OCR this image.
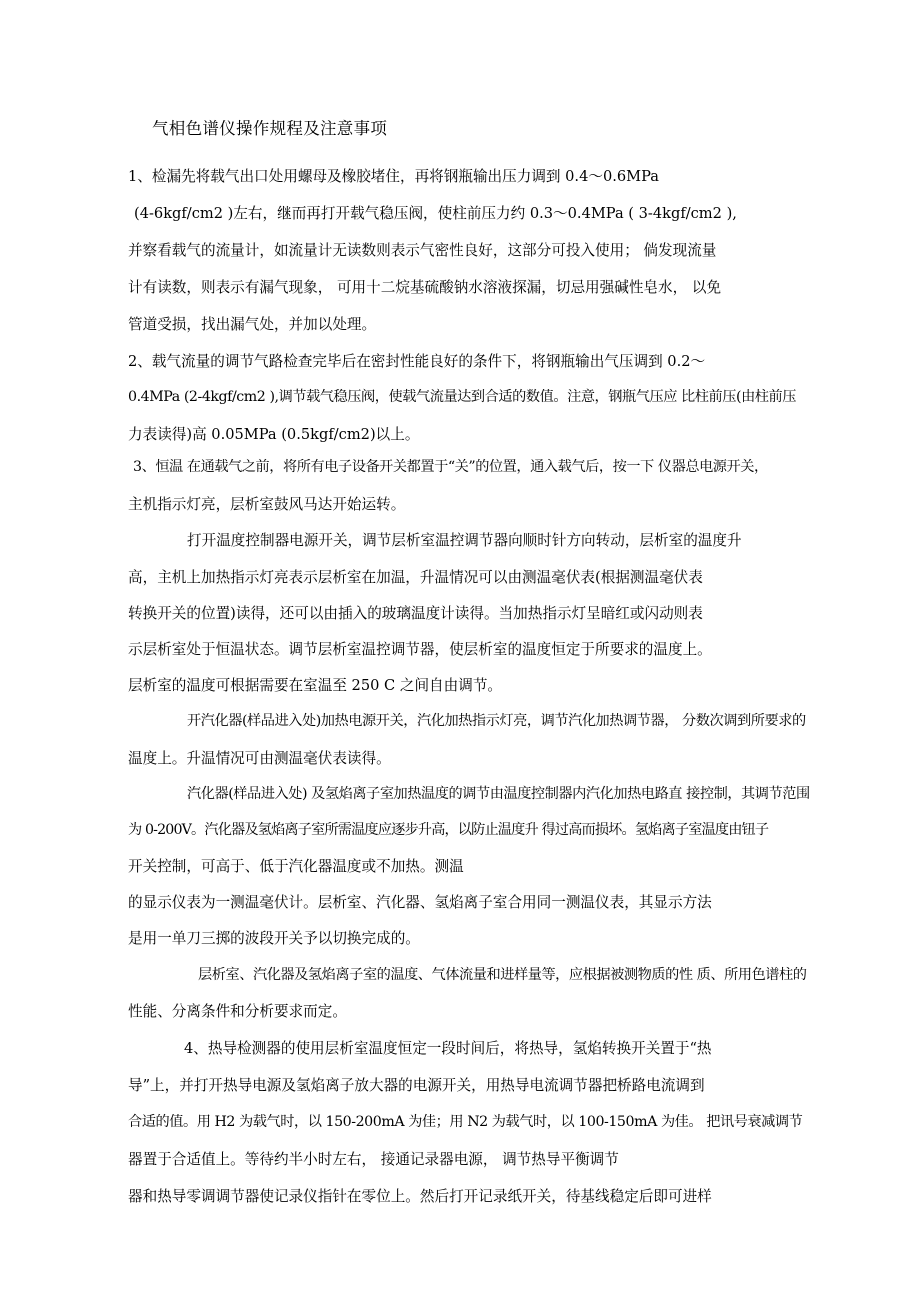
气相色谱仪操作规程及注意事项
1、检漏先将载气出口处用螺母及橡胶堵住，再将钢瓶输出压力调到 0.4〜0.6MPa
(4-6kgf/cm2 )左右，继而再打开载气稳压阀，使柱前压力约 0.3〜0.4MPa ( 3-4kgf/cm2 ),
并察看载气的流量计，如流量计无读数则表示气密性良好，这部分可投入使用； 倘发现流量
计有读数，则表示有漏气现象， 可用十二烷基硫酸钠水溶液探漏，切忌用强碱性皂水， 以免
管道受损，找出漏气处，并加以处理。
2、载气流量的调节气路检查完毕后在密封性能良好的条件下，将钢瓶输出气压调到 0.2〜
0.4MPa (2-4kgf/cm2 ),调节载气稳压阀，使载气流量达到合适的数值。注意，钢瓶气压应 比柱前压(由柱前压
力表读得)高 0.05MPa (0.5kgf/cm2)以上。
3、恒温 在通载气之前，将所有电子设备开关都置于“关”的位置，通入载气后，按一下 仪器总电源开关，
主机指示灯亮，层析室鼓风马达开始运转。
打开温度控制器电源开关，调节层析室温控调节器向顺时针方向转动，层析室的温度升
高，主机上加热指示灯亮表示层析室在加温，升温情况可以由测温毫伏表(根据测温毫伏表
转换开关的位置)读得，还可以由插入的玻璃温度计读得。当加热指示灯呈暗红或闪动则表
示层析室处于恒温状态。调节层析室温控调节器，使层析室的温度恒定于所要求的温度上。
层析室的温度可根据需要在室温至 250 C 之间自由调节。
开汽化器(样品进入处)加热电源开关，汽化加热指示灯亮，调节汽化加热调节器， 分数次调到所要求的
温度上。升温情况可由测温毫伏表读得。
汽化器(样品进入处) 及氢焰离子室加热温度的调节由温度控制器内汽化加热电路直 接控制，其调节范围
为 0-200V。汽化器及氢焰离子室所需温度应逐步升高，以防止温度升 得过高而损坏。氢焰离子室温度由钮子
开关控制，可高于、低于汽化器温度或不加热。测温
的显示仪表为一测温毫伏计。层析室、汽化器、氢焰离子室合用同一测温仪表，其显示方法
是用一单刀三掷的波段开关予以切换完成的。
层析室、汽化器及氢焰离子室的温度、气体流量和进样量等，应根据被测物质的性 质、所用色谱柱的
性能、分离条件和分析要求而定。
4、热导检测器的使用层析室温度恒定一段时间后，将热导，氢焰转换开关置于“热
导”上，并打开热导电源及氢焰离子放大器的电源开关，用热导电流调节器把桥路电流调到
合适的值。用 H2 为载气时，以 150-200mA 为佳；用 N2 为载气时，以 100-150mA 为佳。 把讯号衰减调节
器置于合适值上。等待约半小时左右， 接通记录器电源， 调节热导平衡调节
器和热导零调调节器使记录仪指针在零位上。然后打开记录纸开关，待基线稳定后即可进样
